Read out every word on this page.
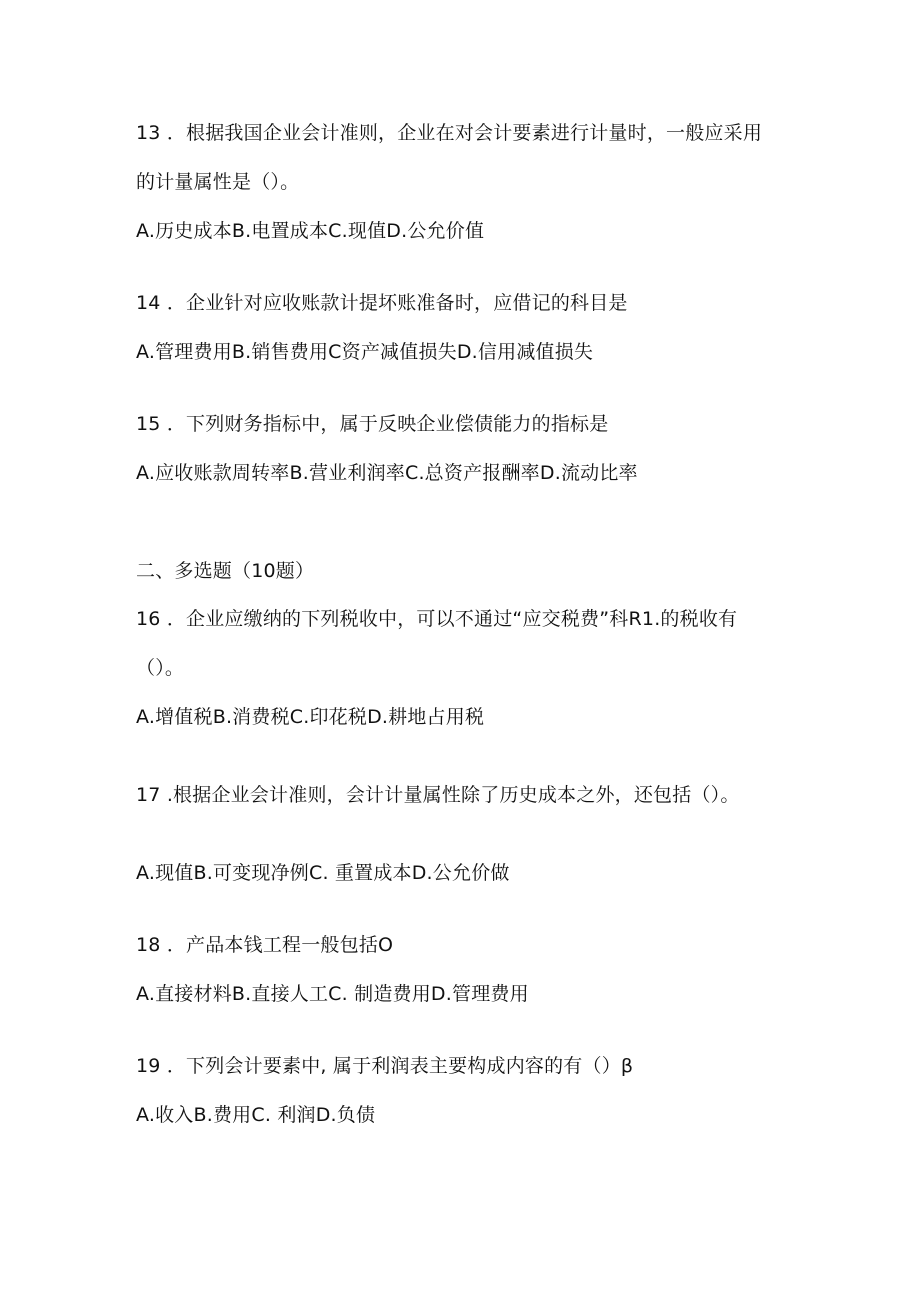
13 ．根据我国企业会计准则，企业在对会计要素进行计量时，一般应采用
的计量属性是（）。
A.历史成本B.电置成本C.现值D.公允价值
14 ．企业针对应收账款计提坏账准备时，应借记的科目是
A.管理费用B.销售费用C资产减值损失D.信用减值损失
15 ．下列财务指标中，属于反映企业偿债能力的指标是
A.应收账款周转率B.营业利润率C.总资产报酬率D.流动比率
二、多选题（10题）
16 ．企业应缴纳的下列税收中，可以不通过“应交税费”科R1.的税收有
（）。
A.增值税B.消费税C.印花税D.耕地占用税
17 .根据企业会计准则，会计计量属性除了历史成本之外，还包括（）。
A.现值B.可变现净例C. 重置成本D.公允价做
18 ．产品本钱工程一般包括O
A.直接材料B.直接人工C. 制造费用D.管理费用
19 ．下列会计要素中, 属于利润表主要构成内容的有（）β
A.收入B.费用C. 利润D.负债
